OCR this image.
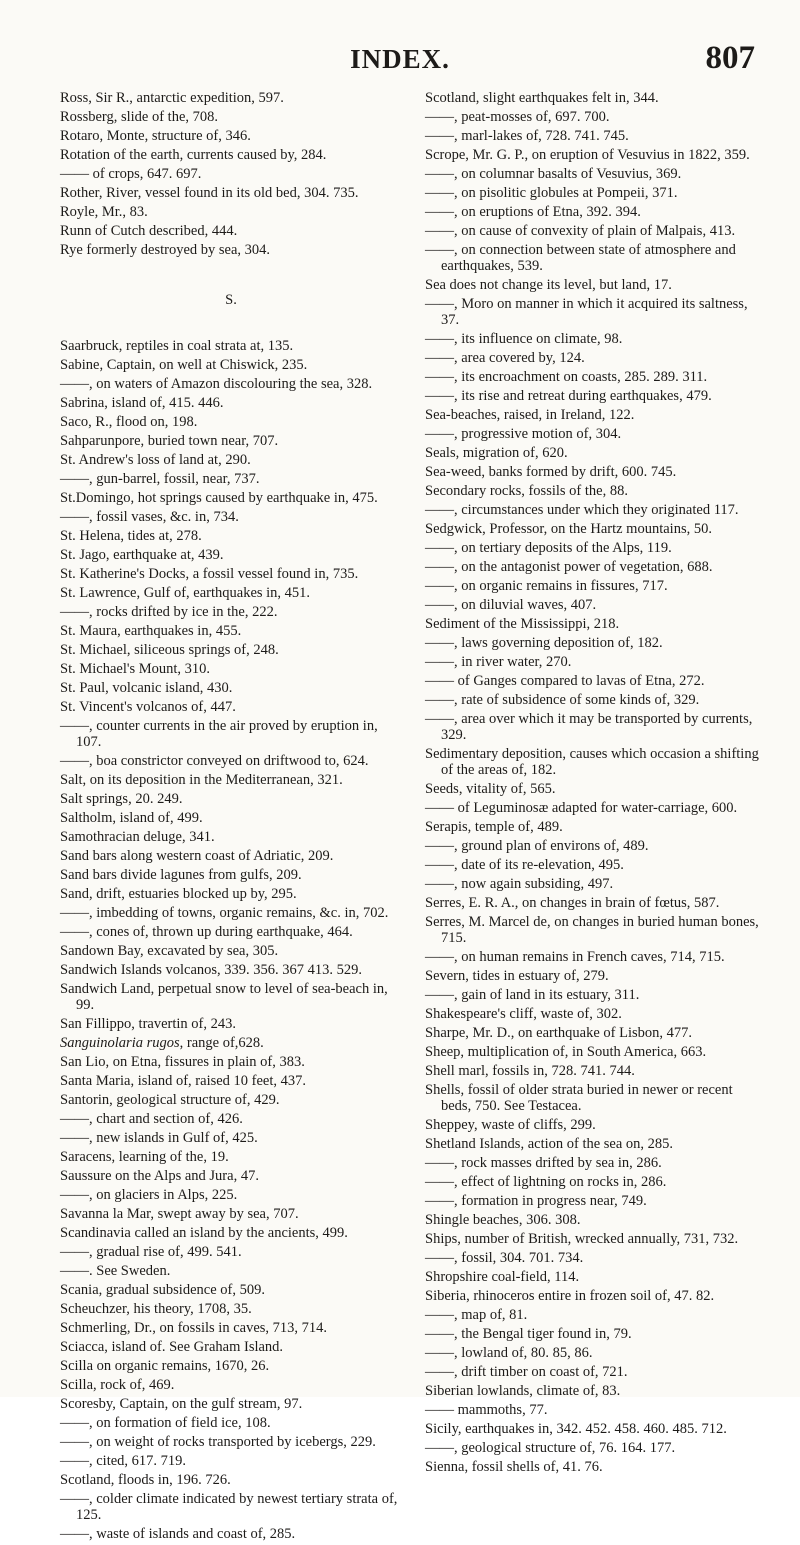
INDEX.	807
Ross, Sir R., antarctic expedition, 597.
Rossberg, slide of the, 708.
Rotaro, Monte, structure of, 346.
Rotation of the earth, currents caused by, 284.
—— of crops, 647. 697.
Rother, River, vessel found in its old bed, 304. 735.
Royle, Mr., 83.
Runn of Cutch described, 444.
Rye formerly destroyed by sea, 304.
S.
Saarbruck, reptiles in coal strata at, 135.
Sabine, Captain, on well at Chiswick, 235.
——, on waters of Amazon discolouring the sea, 328.
Sabrina, island of, 415. 446.
Saco, R., flood on, 198.
Sahparunpore, buried town near, 707.
St. Andrew's loss of land at, 290.
——, gun-barrel, fossil, near, 737.
St.Domingo, hot springs caused by earthquake in, 475.
——, fossil vases, &c. in, 734.
St. Helena, tides at, 278.
St. Jago, earthquake at, 439.
St. Katherine's Docks, a fossil vessel found in, 735.
St. Lawrence, Gulf of, earthquakes in, 451.
——, rocks drifted by ice in the, 222.
St. Maura, earthquakes in, 455.
St. Michael, siliceous springs of, 248.
St. Michael's Mount, 310.
St. Paul, volcanic island, 430.
St. Vincent's volcanos of, 447.
——, counter currents in the air proved by eruption in, 107.
——, boa constrictor conveyed on driftwood to, 624.
Salt, on its deposition in the Mediterranean, 321.
Salt springs, 20. 249.
Saltholm, island of, 499.
Samothracian deluge, 341.
Sand bars along western coast of Adriatic, 209.
Sand bars divide lagunes from gulfs, 209.
Sand, drift, estuaries blocked up by, 295.
——, imbedding of towns, organic remains, &c. in, 702.
——, cones of, thrown up during earthquake, 464.
Sandown Bay, excavated by sea, 305.
Sandwich Islands volcanos, 339. 356. 367 413. 529.
Sandwich Land, perpetual snow to level of sea-beach in, 99.
San Fillippo, travertin of, 243.
Sanguinolaria rugos, range of,628.
San Lio, on Etna, fissures in plain of, 383.
Santa Maria, island of, raised 10 feet, 437.
Santorin, geological structure of, 429.
——, chart and section of, 426.
——, new islands in Gulf of, 425.
Saracens, learning of the, 19.
Saussure on the Alps and Jura, 47.
——, on glaciers in Alps, 225.
Savanna la Mar, swept away by sea, 707.
Scandinavia called an island by the ancients, 499.
——, gradual rise of, 499. 541.
——. See Sweden.
Scania, gradual subsidence of, 509.
Scheuchzer, his theory, 1708, 35.
Schmerling, Dr., on fossils in caves, 713, 714.
Sciacca, island of. See Graham Island.
Scilla on organic remains, 1670, 26.
Scilla, rock of, 469.
Scoresby, Captain, on the gulf stream, 97.
——, on formation of field ice, 108.
——, on weight of rocks transported by icebergs, 229.
——, cited, 617. 719.
Scotland, floods in, 196. 726.
——, colder climate indicated by newest tertiary strata of, 125.
——, waste of islands and coast of, 285.
Scotland, slight earthquakes felt in, 344.
——, peat-mosses of, 697. 700.
——, marl-lakes of, 728. 741. 745.
Scrope, Mr. G. P., on eruption of Vesuvius in 1822, 359.
——, on columnar basalts of Vesuvius, 369.
——, on pisolitic globules at Pompeii, 371.
——, on eruptions of Etna, 392. 394.
——, on cause of convexity of plain of Malpais, 413.
——, on connection between state of atmosphere and earthquakes, 539.
Sea does not change its level, but land, 17.
——, Moro on manner in which it acquired its saltness, 37.
——, its influence on climate, 98.
——, area covered by, 124.
——, its encroachment on coasts, 285. 289. 311.
——, its rise and retreat during earthquakes, 479.
Sea-beaches, raised, in Ireland, 122.
——, progressive motion of, 304.
Seals, migration of, 620.
Sea-weed, banks formed by drift, 600. 745.
Secondary rocks, fossils of the, 88.
——, circumstances under which they originated 117.
Sedgwick, Professor, on the Hartz mountains, 50.
——, on tertiary deposits of the Alps, 119.
——, on the antagonist power of vegetation, 688.
——, on organic remains in fissures, 717.
——, on diluvial waves, 407.
Sediment of the Mississippi, 218.
——, laws governing deposition of, 182.
——, in river water, 270.
—— of Ganges compared to lavas of Etna, 272.
——, rate of subsidence of some kinds of, 329.
——, area over which it may be transported by currents, 329.
Sedimentary deposition, causes which occasion a shifting of the areas of, 182.
Seeds, vitality of, 565.
—— of Leguminosæ adapted for water-carriage, 600.
Serapis, temple of, 489.
——, ground plan of environs of, 489.
——, date of its re-elevation, 495.
——, now again subsiding, 497.
Serres, E. R. A., on changes in brain of fœtus, 587.
Serres, M. Marcel de, on changes in buried human bones, 715.
——, on human remains in French caves, 714, 715.
Severn, tides in estuary of, 279.
——, gain of land in its estuary, 311.
Shakespeare's cliff, waste of, 302.
Sharpe, Mr. D., on earthquake of Lisbon, 477.
Sheep, multiplication of, in South America, 663.
Shell marl, fossils in, 728. 741. 744.
Shells, fossil of older strata buried in newer or recent beds, 750. See Testacea.
Sheppey, waste of cliffs, 299.
Shetland Islands, action of the sea on, 285.
——, rock masses drifted by sea in, 286.
——, effect of lightning on rocks in, 286.
——, formation in progress near, 749.
Shingle beaches, 306. 308.
Ships, number of British, wrecked annually, 731, 732.
——, fossil, 304. 701. 734.
Shropshire coal-field, 114.
Siberia, rhinoceros entire in frozen soil of, 47. 82.
——, map of, 81.
——, the Bengal tiger found in, 79.
——, lowland of, 80. 85, 86.
——, drift timber on coast of, 721.
Siberian lowlands, climate of, 83.
—— mammoths, 77.
Sicily, earthquakes in, 342. 452. 458. 460. 485. 712.
——, geological structure of, 76. 164. 177.
Sienna, fossil shells of, 41. 76.
